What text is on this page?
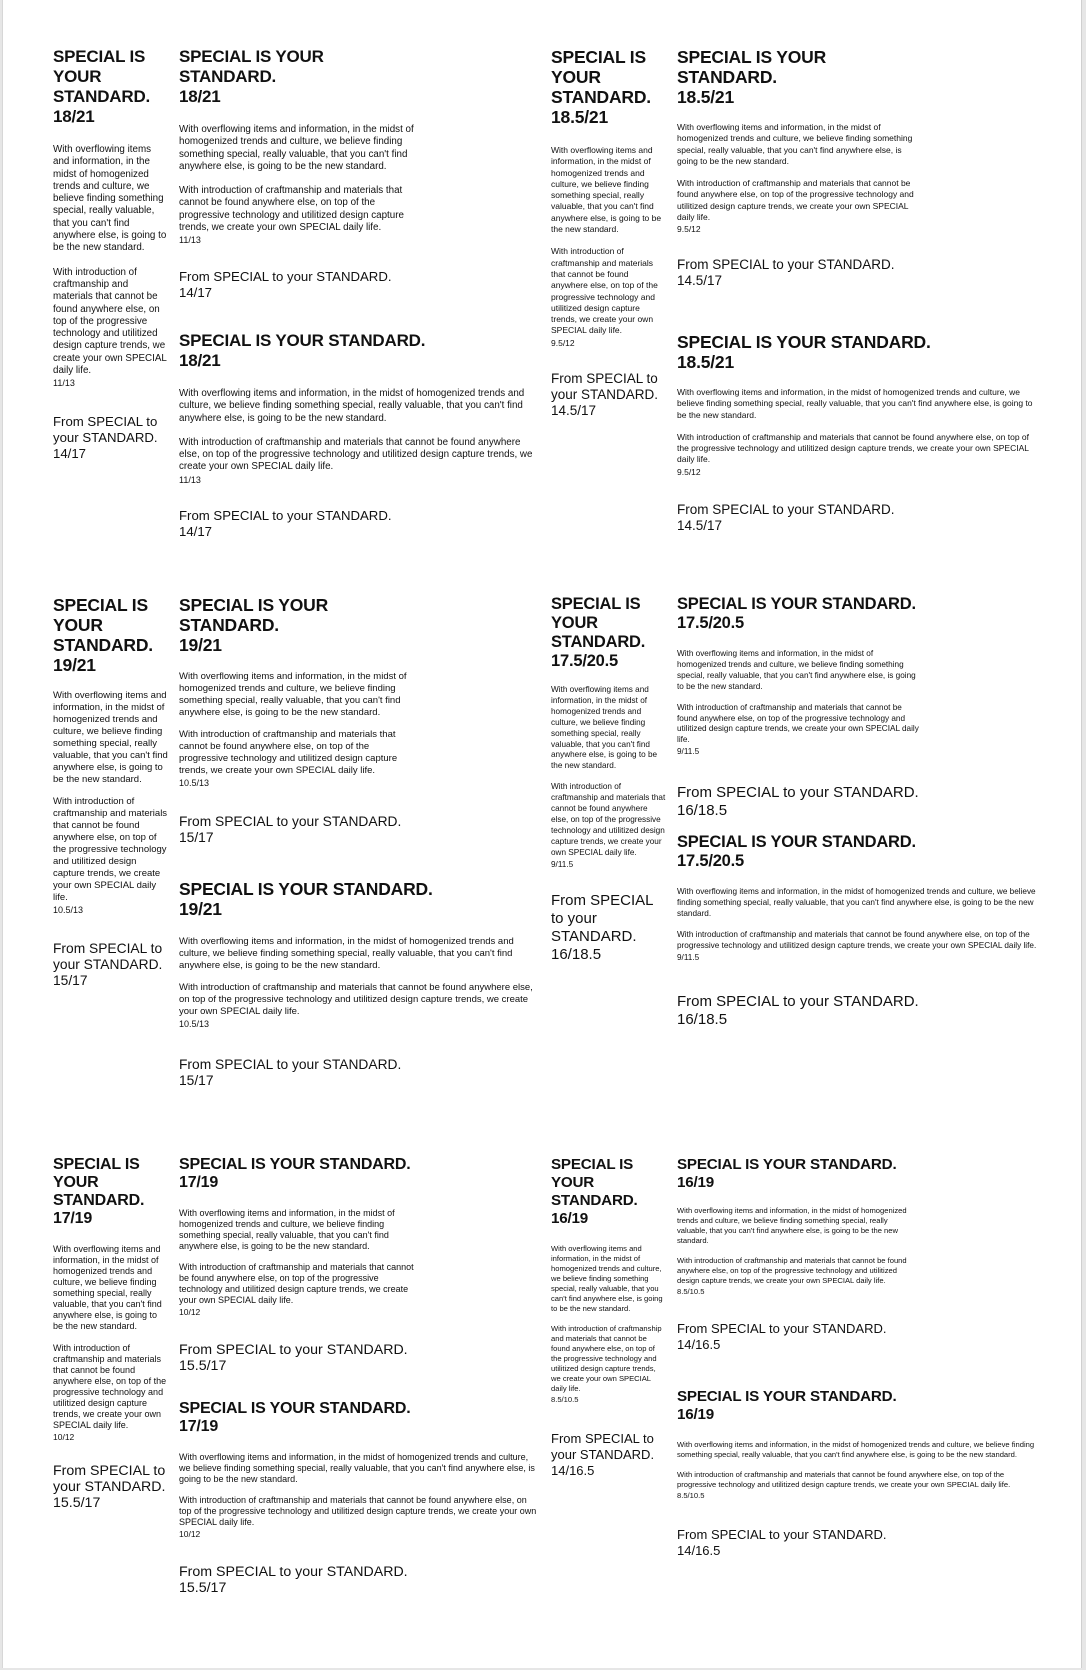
SPECIAL IS YOUR STANDARD.
18/21
With overflowing items and information, in the midst of homogenized trends and culture, we believe finding something special, really valuable, that you can't find anywhere else, is going to be the new standard.
With introduction of craftmanship and materials that cannot be found anywhere else, on top of the progressive technology and utilitized design capture trends, we create your own SPECIAL daily life.
11/13
From SPECIAL to your STANDARD.
14/17
SPECIAL IS YOUR STANDARD.
18/21
With overflowing items and information, in the midst of homogenized trends and culture, we believe finding something special, really valuable, that you can't find anywhere else, is going to be the new standard.
With introduction of craftmanship and materials that cannot be found anywhere else, on top of the progressive technology and utilitized design capture trends, we create your own SPECIAL daily life.
11/13
From SPECIAL to your STANDARD.
14/17
SPECIAL IS YOUR STANDARD.
18/21
With overflowing items and information, in the midst of homogenized trends and culture, we believe finding something special, really valuable, that you can't find anywhere else, is going to be the new standard.
With introduction of craftmanship and materials that cannot be found anywhere else, on top of the progressive technology and utilitized design capture trends, we create your own SPECIAL daily life.
11/13
From SPECIAL to your STANDARD.
14/17
SPECIAL IS YOUR STANDARD.
18.5/21
With overflowing items and information, in the midst of homogenized trends and culture, we believe finding something special, really valuable, that you can't find anywhere else, is going to be the new standard.
With introduction of craftmanship and materials that cannot be found anywhere else, on top of the progressive technology and utilitized design capture trends, we create your own SPECIAL daily life.
9.5/12
From SPECIAL to your STANDARD.
14.5/17
SPECIAL IS YOUR STANDARD.
18.5/21
With overflowing items and information, in the midst of homogenized trends and culture, we believe finding something special, really valuable, that you can't find anywhere else, is going to be the new standard.
With introduction of craftmanship and materials that cannot be found anywhere else, on top of the progressive technology and utilitized design capture trends, we create your own SPECIAL daily life.
9.5/12
From SPECIAL to your STANDARD.
14.5/17
SPECIAL IS YOUR STANDARD.
18.5/21
With overflowing items and information, in the midst of homogenized trends and culture, we believe finding something special, really valuable, that you can't find anywhere else, is going to be the new standard.
With introduction of craftmanship and materials that cannot be found anywhere else, on top of the progressive technology and utilitized design capture trends, we create your own SPECIAL daily life.
9.5/12
From SPECIAL to your STANDARD.
14.5/17
SPECIAL IS YOUR STANDARD.
19/21
With overflowing items and information, in the midst of homogenized trends and culture, we believe finding something special, really valuable, that you can't find anywhere else, is going to be the new standard.
With introduction of craftmanship and materials that cannot be found anywhere else, on top of the progressive technology and utilitized design capture trends, we create your own SPECIAL daily life.
10.5/13
From SPECIAL to your STANDARD.
15/17
SPECIAL IS YOUR STANDARD.
19/21
With overflowing items and information, in the midst of homogenized trends and culture, we believe finding something special, really valuable, that you can't find anywhere else, is going to be the new standard.
With introduction of craftmanship and materials that cannot be found anywhere else, on top of the progressive technology and utilitized design capture trends, we create your own SPECIAL daily life.
10.5/13
From SPECIAL to your STANDARD.
15/17
SPECIAL IS YOUR STANDARD.
19/21
With overflowing items and information, in the midst of homogenized trends and culture, we believe finding something special, really valuable, that you can't find anywhere else, is going to be the new standard.
With introduction of craftmanship and materials that cannot be found anywhere else, on top of the progressive technology and utilitized design capture trends, we create your own SPECIAL daily life.
10.5/13
From SPECIAL to your STANDARD.
15/17
SPECIAL IS YOUR STANDARD.
17.5/20.5
With overflowing items and information, in the midst of homogenized trends and culture, we believe finding something special, really valuable, that you can't find anywhere else, is going to be the new standard.
With introduction of craftmanship and materials that cannot be found anywhere else, on top of the progressive technology and utilitized design capture trends, we create your own SPECIAL daily life.
9/11.5
From SPECIAL to your STANDARD.
16/18.5
SPECIAL IS YOUR STANDARD.
17.5/20.5
With overflowing items and information, in the midst of homogenized trends and culture, we believe finding something special, really valuable, that you can't find anywhere else, is going to be the new standard.
With introduction of craftmanship and materials that cannot be found anywhere else, on top of the progressive technology and utilitized design capture trends, we create your own SPECIAL daily life.
9/11.5
From SPECIAL to your STANDARD.
16/18.5
SPECIAL IS YOUR STANDARD.
17.5/20.5
With overflowing items and information, in the midst of homogenized trends and culture, we believe finding something special, really valuable, that you can't find anywhere else, is going to be the new standard.
With introduction of craftmanship and materials that cannot be found anywhere else, on top of the progressive technology and utilitized design capture trends, we create your own SPECIAL daily life.
9/11.5
From SPECIAL to your STANDARD.
16/18.5
SPECIAL IS YOUR STANDARD.
17/19
With overflowing items and information, in the midst of homogenized trends and culture, we believe finding something special, really valuable, that you can't find anywhere else, is going to be the new standard.
With introduction of craftmanship and materials that cannot be found anywhere else, on top of the progressive technology and utilitized design capture trends, we create your own SPECIAL daily life.
10/12
From SPECIAL to your STANDARD.
15.5/17
SPECIAL IS YOUR STANDARD.
17/19
With overflowing items and information, in the midst of homogenized trends and culture, we believe finding something special, really valuable, that you can't find anywhere else, is going to be the new standard.
With introduction of craftmanship and materials that cannot be found anywhere else, on top of the progressive technology and utilitized design capture trends, we create your own SPECIAL daily life.
10/12
From SPECIAL to your STANDARD.
15.5/17
SPECIAL IS YOUR STANDARD.
17/19
With overflowing items and information, in the midst of homogenized trends and culture, we believe finding something special, really valuable, that you can't find anywhere else, is going to be the new standard.
With introduction of craftmanship and materials that cannot be found anywhere else, on top of the progressive technology and utilitized design capture trends, we create your own SPECIAL daily life.
10/12
From SPECIAL to your STANDARD.
15.5/17
SPECIAL IS YOUR STANDARD.
16/19
With overflowing items and information, in the midst of homogenized trends and culture, we believe finding something special, really valuable, that you can't find anywhere else, is going to be the new standard.
With introduction of craftmanship and materials that cannot be found anywhere else, on top of the progressive technology and utilitized design capture trends, we create your own SPECIAL daily life.
8.5/10.5
From SPECIAL to your STANDARD.
14/16.5
SPECIAL IS YOUR STANDARD.
16/19
With overflowing items and information, in the midst of homogenized trends and culture, we believe finding something special, really valuable, that you can't find anywhere else, is going to be the new standard.
With introduction of craftmanship and materials that cannot be found anywhere else, on top of the progressive technology and utilitized design capture trends, we create your own SPECIAL daily life.
8.5/10.5
From SPECIAL to your STANDARD.
14/16.5
SPECIAL IS YOUR STANDARD.
16/19
With overflowing items and information, in the midst of homogenized trends and culture, we believe finding something special, really valuable, that you can't find anywhere else, is going to be the new standard.
With introduction of craftmanship and materials that cannot be found anywhere else, on top of the progressive technology and utilitized design capture trends, we create your own SPECIAL daily life.
8.5/10.5
From SPECIAL to your STANDARD.
14/16.5
